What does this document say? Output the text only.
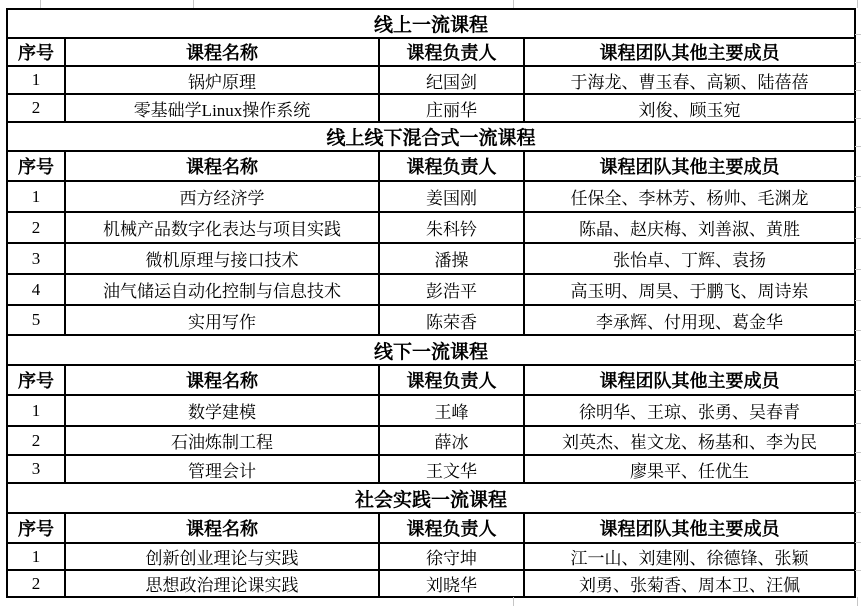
线上一流课程			
序号	课程名称	课程负责人	课程团队其他主要成员
1	锅炉原理	纪国剑	于海龙、曹玉春、高颖、陆蓓蓓
2	零基础学Linux操作系统	庄丽华	刘俊、顾玉宛
线上线下混合式一流课程			
序号	课程名称	课程负责人	课程团队其他主要成员
1	西方经济学	姜国刚	任保全、李林芳、杨帅、毛渊龙
2	机械产品数字化表达与项目实践	朱科钤	陈晶、赵庆梅、刘善淑、黄胜
3	微机原理与接口技术	潘操	张怡卓、丁辉、袁扬
4	油气储运自动化控制与信息技术	彭浩平	高玉明、周昊、于鹏飞、周诗岽
5	实用写作	陈荣香	李承辉、付用现、葛金华
线下一流课程			
序号	课程名称	课程负责人	课程团队其他主要成员
1	数学建模	王峰	徐明华、王琼、张勇、吴春青
2	石油炼制工程	薛冰	刘英杰、崔文龙、杨基和、李为民
3	管理会计	王文华	廖果平、任优生
社会实践一流课程			
序号	课程名称	课程负责人	课程团队其他主要成员
1	创新创业理论与实践	徐守坤	江一山、刘建刚、徐德锋、张颖
2	思想政治理论课实践	刘晓华	刘勇、张菊香、周本卫、汪佩
